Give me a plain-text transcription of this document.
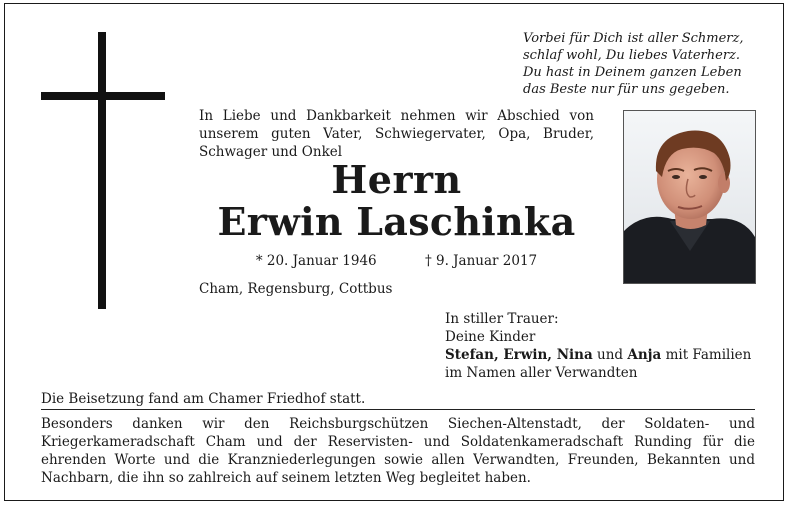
Vorbei für Dich ist aller Schmerz,
schlaf wohl, Du liebes Vaterherz.
Du hast in Deinem ganzen Leben
das Beste nur für uns gegeben.
In Liebe und Dankbarkeit nehmen wir Abschied von unserem guten Vater, Schwiegervater, Opa, Bruder, Schwager und Onkel
Herrn
Erwin Laschinka
* 20. Januar 1946	† 9. Januar 2017
Cham, Regensburg, Cottbus
In stiller Trauer:
Deine Kinder
Stefan, Erwin, Nina und Anja mit Familien
im Namen aller Verwandten
Die Beisetzung fand am Chamer Friedhof statt.
Besonders danken wir den Reichsburgschützen Siechen-Altenstadt, der Soldaten- und Kriegerkameradschaft Cham und der Reservisten- und Soldatenkameradschaft Runding für die ehrenden Worte und die Kranzniederlegungen sowie allen Verwandten, Freunden, Bekannten und Nachbarn, die ihn so zahlreich auf seinem letzten Weg begleitet haben.
